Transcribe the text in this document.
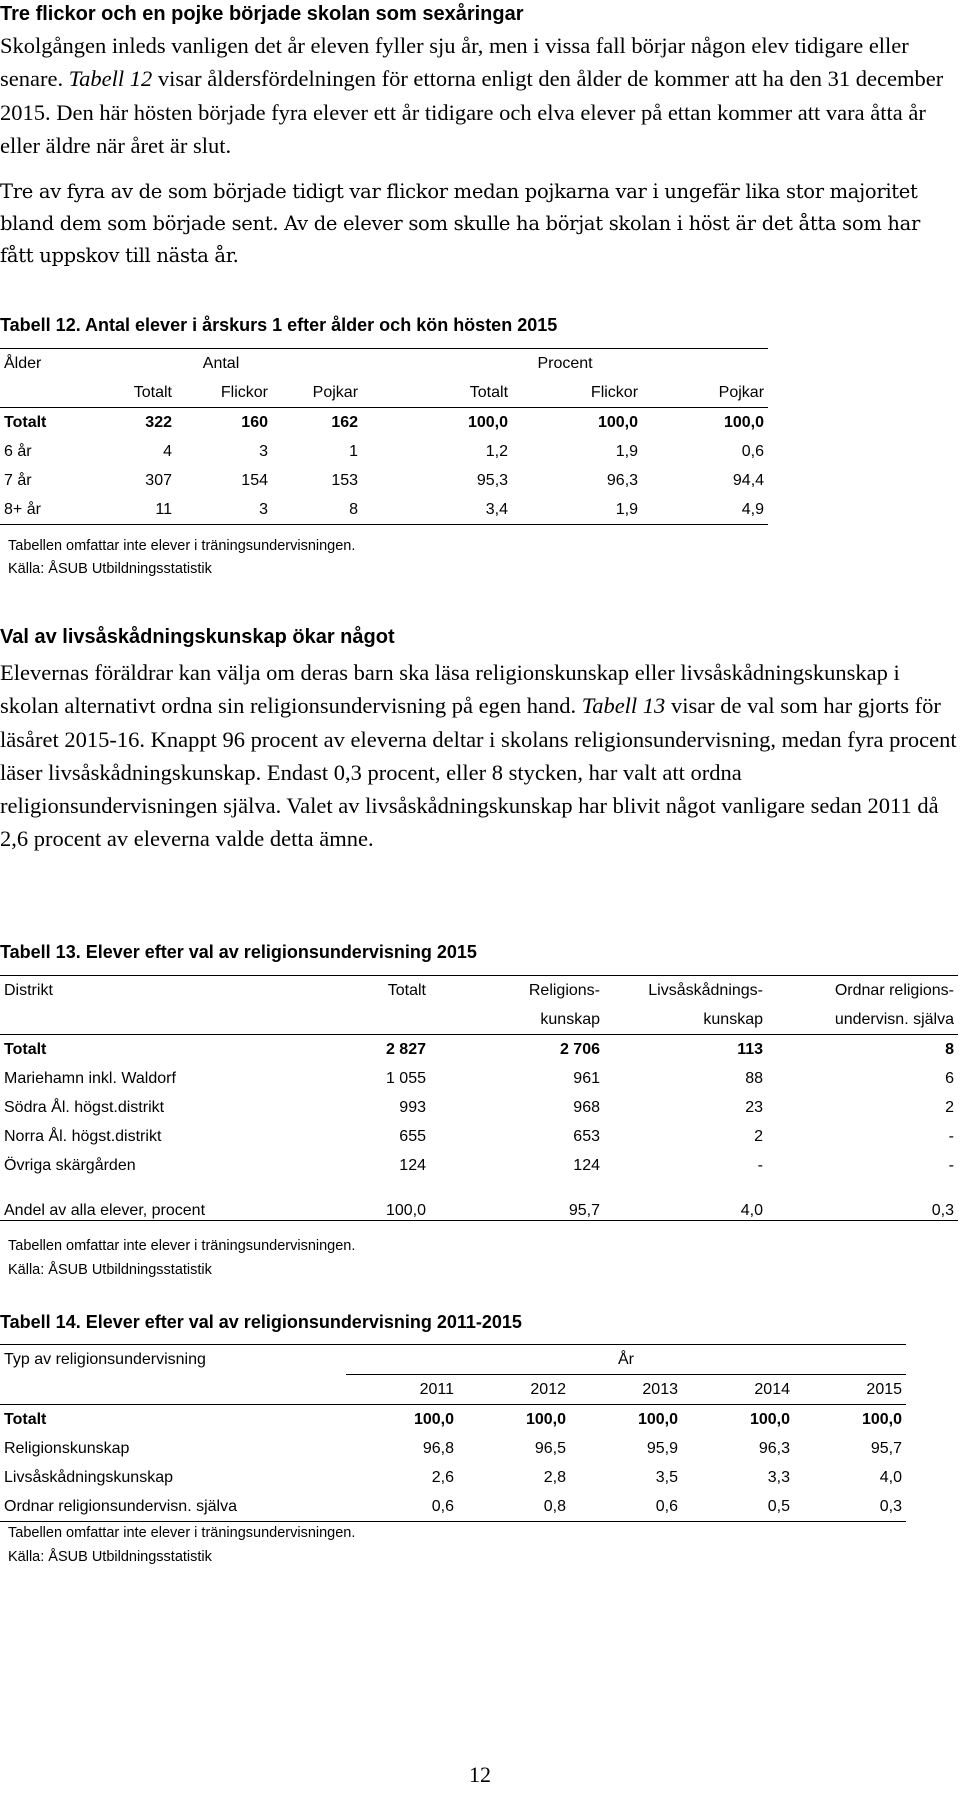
Tre flickor och en pojke började skolan som sexåringar

Skolgången inleds vanligen det år eleven fyller sju år, men i vissa fall börjar någon elev tidigare eller senare. Tabell 12 visar åldersfördelningen för ettorna enligt den ålder de kommer att ha den 31 december 2015. Den här hösten började fyra elever ett år tidigare och elva elever på ettan kommer att vara åtta år eller äldre när året är slut.

Tre av fyra av de som började tidigt var flickor medan pojkarna var i ungefär lika stor majoritet bland dem som började sent. Av de elever som skulle ha börjat skolan i höst är det åtta som har fått uppskov till nästa år.

Tabell 12. Antal elever i årskurs 1 efter ålder och kön hösten 2015
Ålder	Antal			Procent		
	Totalt	Flickor	Pojkar	Totalt	Flickor	Pojkar
Totalt	322	160	162	100,0	100,0	100,0
6 år	4	3	1	1,2	1,9	0,6
7 år	307	154	153	95,3	96,3	94,4
8+ år	11	3	8	3,4	1,9	4,9
Tabellen omfattar inte elever i träningsundervisningen.
Källa: ÅSUB Utbildningsstatistik
Val av livsåskådningskunskap ökar något

Elevernas föräldrar kan välja om deras barn ska läsa religionskunskap eller livsåskådningskunskap i skolan alternativt ordna sin religionsundervisning på egen hand. Tabell 13 visar de val som har gjorts för läsåret 2015-16. Knappt 96 procent av eleverna deltar i skolans religionsundervisning, medan fyra procent läser livsåskådningskunskap. Endast 0,3 procent, eller 8 stycken, har valt att ordna religionsundervisningen själva. Valet av livsåskådningskunskap har blivit något vanligare sedan 2011 då 2,6 procent av eleverna valde detta ämne.

Tabell 13. Elever efter val av religionsundervisning 2015
Distrikt	Totalt	Religions-	Livsåskådnings-	Ordnar religions-
		kunskap	kunskap	undervisn. själva
Totalt	2 827	2 706	113	8
Mariehamn inkl. Waldorf	1 055	961	88	6
Södra Ål. högst.distrikt	993	968	23	2
Norra Ål. högst.distrikt	655	653	2	-
Övriga skärgården	124	124	-	-
Andel av alla elever, procent	100,0	95,7	4,0	0,3
Tabellen omfattar inte elever i träningsundervisningen.
Källa: ÅSUB Utbildningsstatistik
Tabell 14. Elever efter val av religionsundervisning 2011-2015
Typ av religionsundervisning	År				
	2011	2012	2013	2014	2015
Totalt	100,0	100,0	100,0	100,0	100,0
Religionskunskap	96,8	96,5	95,9	96,3	95,7
Livsåskådningskunskap	2,6	2,8	3,5	3,3	4,0
Ordnar religionsundervisn. själva	0,6	0,8	0,6	0,5	0,3
Tabellen omfattar inte elever i träningsundervisningen.
Källa: ÅSUB Utbildningsstatistik
12
